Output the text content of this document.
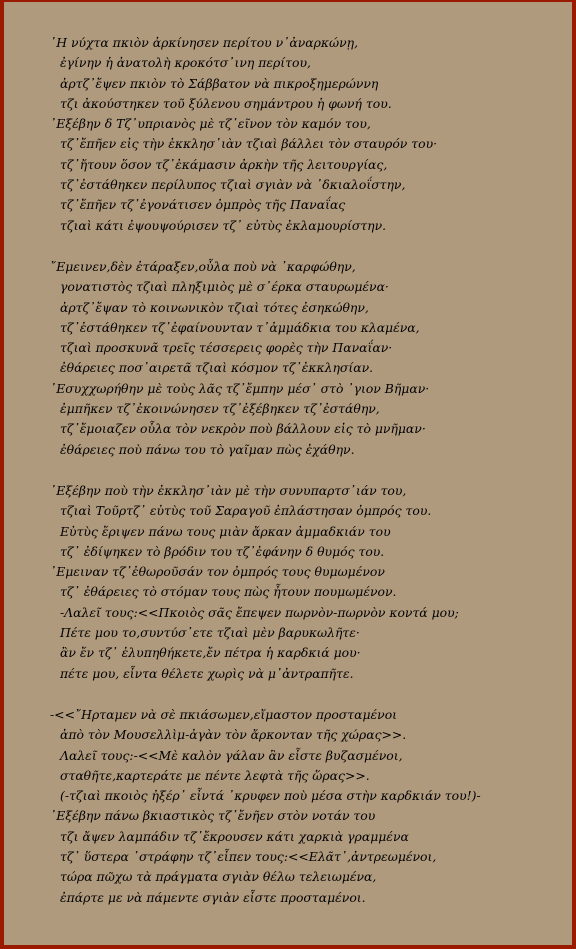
῾Η νύχτα πκιὸν ἀρκίνησεν περίτου ν᾽ἀναρκώνῃ,
ἐγίνην ἡ ἀνατολὴ κροκότσ᾽ινη περίτου,
ἀρτζ᾽ἔψεν πκιὸν τὸ Σάββατον νὰ πικροξημερώννη
τζι ἀκούστηκεν τοῦ ξύλενου σημάντρου ἡ φωνή του.
᾽Εξέβην δ Τζ᾽υπριανὸς μὲ τζ᾽εῖνον τὸν καμόν του,
τζ᾽ἔπῆεν εἰς τὴν ἐκκλησ᾽ιὰν τζιαὶ βάλλει τὸν σταυρόν του·
τζ᾽ἤτουν ὅσον τζ᾽ἐκάμασιν ἀρκὴν τῆς λειτουργίας,
τζ᾽ἐστάθηκεν περίλυπος τζιαὶ σγιὰν νὰ ᾽δκιαλοΐστην,
τζ᾽ἔπῆεν τζ᾽ἐγονάτισεν ὀμπρὸς τῆς Παναΐας
τζιαὶ κάτι ἐψουψούρισεν τζ᾽ εὐτὺς ἐκλαμουρίστην.
῎Εμεινεν,δὲν ἐτάραξεν,οὖλα ποὺ νὰ ᾽καρφώθην,
γονατιστὸς τζιαὶ πληξιμιὸς μὲ σ᾽έρκα σταυρωμένα·
ἀρτζ᾽ἔψαν τὸ κοινωνικὸν τζιαὶ τότες ἐσηκώθην,
τζ᾽ἐστάθηκεν τζ᾽ἐφαίνουνταν τ᾽ἀμμάδκια του κλαμένα,
τζιαὶ προσκυνᾶ τρεῖς τέσσερεις φορὲς τὴν Παναΐαν·
ἐθάρειες ποσ᾽αιρετᾶ τζιαὶ κόσμον τζ᾽ἐκκλησίαν.
᾽Εσυχχωρήθην μὲ τοὺς λᾶς τζ᾽ἔμπην μέσ᾽ στὸ ᾽γιον Βῆμαν·
ἐμπῆκεν τζ᾽ἐκοινώνησεν τζ᾽ἐξέβηκεν τζ᾽ἐστάθην,
τζ᾽ἔμοιαζεν οὖλα τὸν νεκρὸν ποὺ βάλλουν εἰς τὸ μνῆμαν·
ἐθάρειες ποὺ πάνω του τὸ γαῖμαν πὼς ἐχάθην.
᾽Εξέβην ποὺ τὴν ἐκκλησ᾽ιὰν μὲ τὴν συνυπαρτσ᾽ιάν του,
τζιαὶ Τοῦρτζ᾽ εὐτὺς τοῦ Σαραγοῦ ἐπλάστησαν ὀμπρός του.
Εὐτὺς ἔριψεν πάνω τους μιὰν ἄρκαν ἀμμαδκιάν του
τζ᾽ ἐδίψηκεν τὸ βρόδιν του τζ᾽ἐφάνην δ θυμός του.
᾽Εμειναν τζ᾽ἐθωροῦσάν τον ὀμπρός τους θυμωμένον
τζ᾽ ἐθάρειες τὸ στόμαν τους πὼς ἦτουν πουμωμένον.
-Λαλεῖ τους:<<Πκοιὸς σᾶς ἔπεψεν πωρνὸν-πωρνὸν κοντά μου;
Πέτε μου το,συντύσ᾽ετε τζιαὶ μὲν βαρυκωλῆτε·
ἂν ἔν τζ᾽ ἐλυπηθήκετε,ἔν πέτρα ἡ καρδκιά μου·
πέτε μου, εἶντα θέλετε χωρὶς νὰ μ᾽ἀντραπῆτε.
-<<῎Ηρταμεν νὰ σὲ πκιάσωμεν,εἴμαστον προσταμένοι
ἀπὸ τὸν Μουσελλὶμ-ἀγὰν τὸν ἄρκονταν τῆς χώρας>>.
Λαλεῖ τους:-<<Μὲ καλὸν γάλαν ἂν εἶστε βυζασμένοι,
σταθῆτε,καρτεράτε με πέντε λεφτὰ τῆς ὥρας>>.
(-τζιαὶ πκοιὸς ἠξέρ᾽ εἶντά ᾽κρυφεν ποὺ μέσα στὴν καρδκιάν του!)-
᾽Εξέβην πάνω βκιαστικὸς τζ᾽ἔνῆεν στὸν νοτάν του
τζι ἄψεν λαμπάδιν τζ᾽ἔκρουσεν κάτι χαρκιὰ γραμμένα
τζ᾽ ὕστερα ᾽στράφην τζ᾽εἶπεν τους:<<Ελᾶτ᾽,ἀντρεωμένοι,
τώρα πῶχω τὰ πράγματα σγιὰν θέλω τελειωμένα,
ἐπάρτε με νὰ πάμεντε σγιὰν εἶστε προσταμένοι.
